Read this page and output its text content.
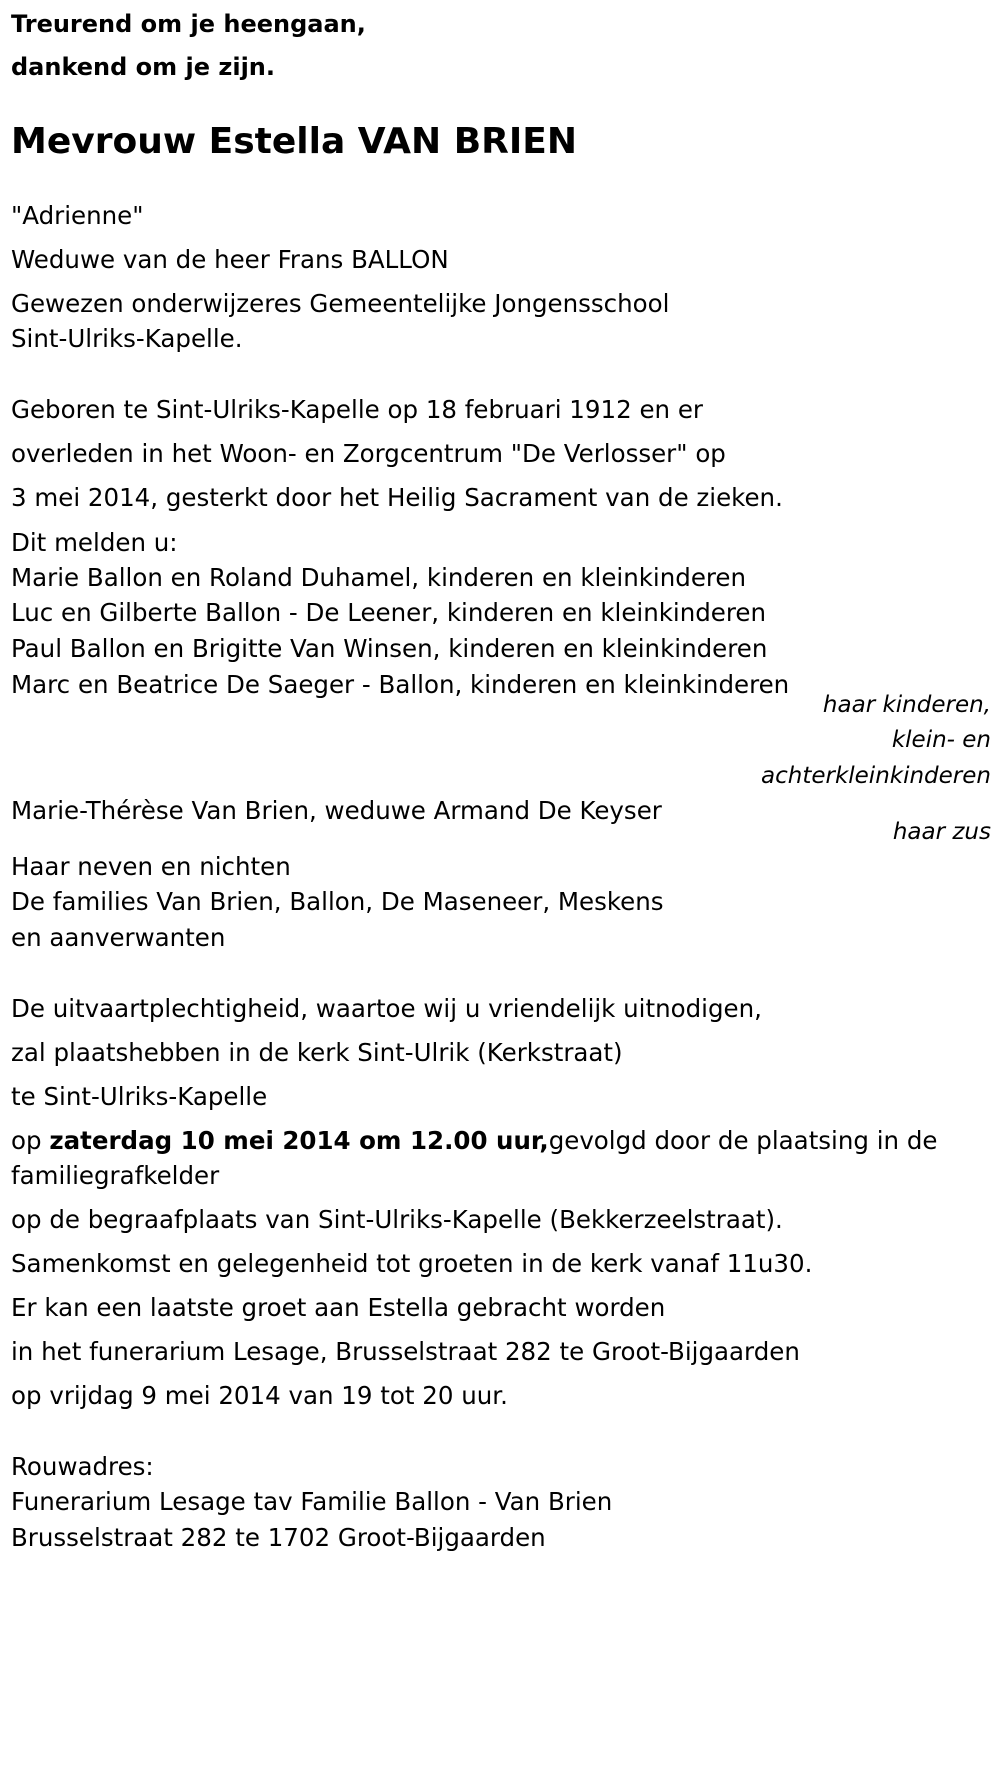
Treurend om je heengaan,
dankend om je zijn.
Mevrouw Estella VAN BRIEN
"Adrienne"
Weduwe van de heer Frans BALLON
Gewezen onderwijzeres Gemeentelijke Jongensschool
Sint-Ulriks-Kapelle.
Geboren te Sint-Ulriks-Kapelle op 18 februari 1912 en er
overleden in het Woon- en Zorgcentrum "De Verlosser" op
3 mei 2014, gesterkt door het Heilig Sacrament van de zieken.
Dit melden u:
Marie Ballon en Roland Duhamel, kinderen en kleinkinderen
Luc en Gilberte Ballon - De Leener, kinderen en kleinkinderen
Paul Ballon en Brigitte Van Winsen, kinderen en kleinkinderen
Marc en Beatrice De Saeger - Ballon, kinderen en kleinkinderen
haar kinderen,
klein- en
achterkleinkinderen
Marie-Thérèse Van Brien, weduwe Armand De Keyser
haar zus
Haar neven en nichten
De families Van Brien, Ballon, De Maseneer, Meskens
en aanverwanten
De uitvaartplechtigheid, waartoe wij u vriendelijk uitnodigen,
zal plaatshebben in de kerk Sint-Ulrik (Kerkstraat)
te Sint-Ulriks-Kapelle
op zaterdag 10 mei 2014 om 12.00 uur,gevolgd door de plaatsing in de
familiegrafkelder
op de begraafplaats van Sint-Ulriks-Kapelle (Bekkerzeelstraat).
Samenkomst en gelegenheid tot groeten in de kerk vanaf 11u30.
Er kan een laatste groet aan Estella gebracht worden
in het funerarium Lesage, Brusselstraat 282 te Groot-Bijgaarden
op vrijdag 9 mei 2014 van 19 tot 20 uur.
Rouwadres:
Funerarium Lesage tav Familie Ballon - Van Brien
Brusselstraat 282 te 1702 Groot-Bijgaarden
